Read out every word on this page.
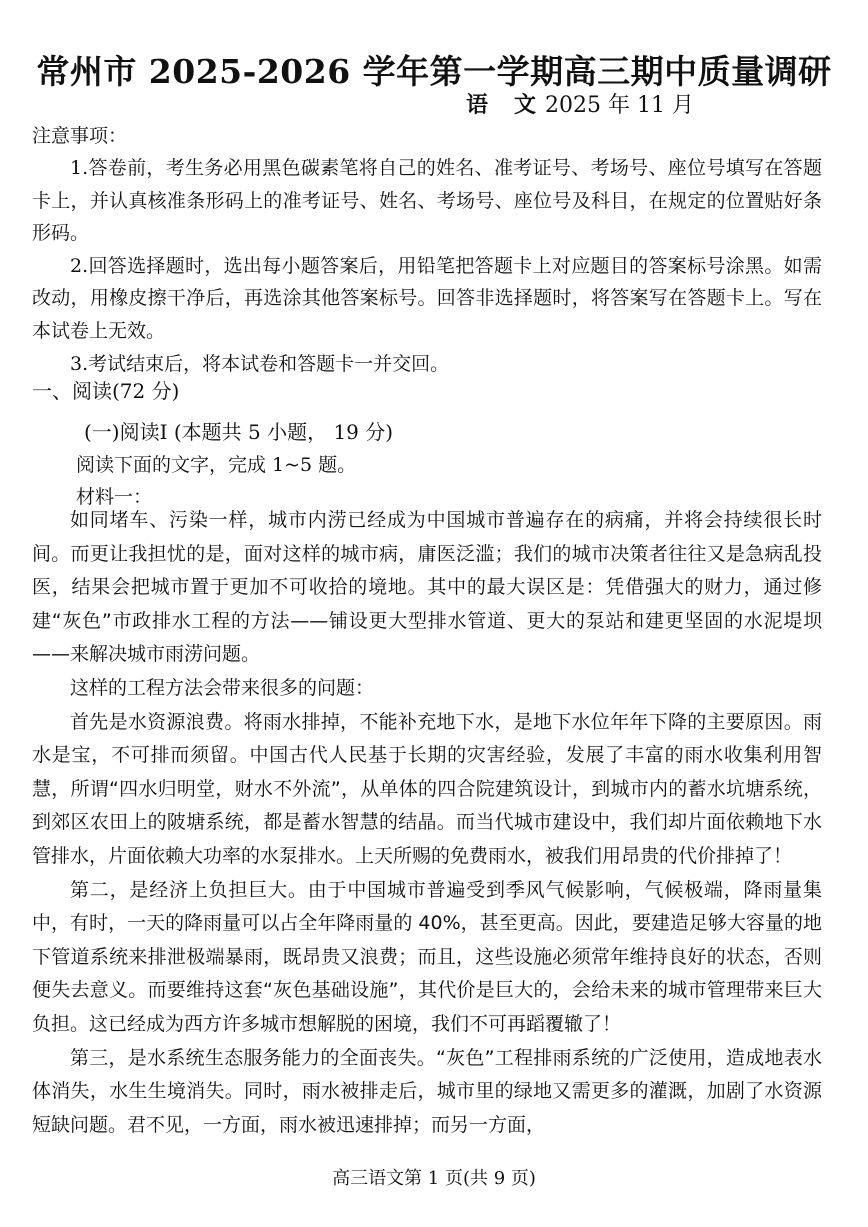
常州市 2025-2026 学年第一学期高三期中质量调研
语　文 2025 年 11 月
注意事项：

1.答卷前，考生务必用黑色碳素笔将自己的姓名、准考证号、考场号、座位号填写在答题卡上，并认真核准条形码上的准考证号、姓名、考场号、座位号及科目，在规定的位置贴好条形码。

2.回答选择题时，选出每小题答案后，用铅笔把答题卡上对应题目的答案标号涂黑。如需改动，用橡皮擦干净后，再选涂其他答案标号。回答非选择题时，将答案写在答题卡上。写在本试卷上无效。

3.考试结束后，将本试卷和答题卡一并交回。

一、阅读(72 分)
(一)阅读I (本题共 5 小题， 19 分)
阅读下面的文字，完成 1~5 题。
材料一：

如同堵车、污染一样，城市内涝已经成为中国城市普遍存在的病痛，并将会持续很长时间。而更让我担忧的是，面对这样的城市病，庸医泛滥；我们的城市决策者往往又是急病乱投医，结果会把城市置于更加不可收拾的境地。其中的最大误区是：凭借强大的财力，通过修建“灰色”市政排水工程的方法——铺设更大型排水管道、更大的泵站和建更坚固的水泥堤坝——来解决城市雨涝问题。

这样的工程方法会带来很多的问题：

首先是水资源浪费。将雨水排掉，不能补充地下水，是地下水位年年下降的主要原因。雨水是宝，不可排而须留。中国古代人民基于长期的灾害经验，发展了丰富的雨水收集利用智慧，所谓“四水归明堂，财水不外流”，从单体的四合院建筑设计，到城市内的蓄水坑塘系统，到郊区农田上的陂塘系统，都是蓄水智慧的结晶。而当代城市建设中，我们却片面依赖地下水管排水，片面依赖大功率的水泵排水。上天所赐的免费雨水，被我们用昂贵的代价排掉了！

第二，是经济上负担巨大。由于中国城市普遍受到季风气候影响，气候极端，降雨量集中，有时，一天的降雨量可以占全年降雨量的 40%，甚至更高。因此，要建造足够大容量的地下管道系统来排泄极端暴雨，既昂贵又浪费；而且，这些设施必须常年维持良好的状态，否则便失去意义。而要维持这套“灰色基础设施”，其代价是巨大的，会给未来的城市管理带来巨大负担。这已经成为西方许多城市想解脱的困境，我们不可再蹈覆辙了！

第三，是水系统生态服务能力的全面丧失。“灰色”工程排雨系统的广泛使用，造成地表水体消失，水生生境消失。同时，雨水被排走后，城市里的绿地又需更多的灌溉，加剧了水资源短缺问题。君不见，一方面，雨水被迅速排掉；而另一方面，

高三语文第 1 页(共 9 页)
